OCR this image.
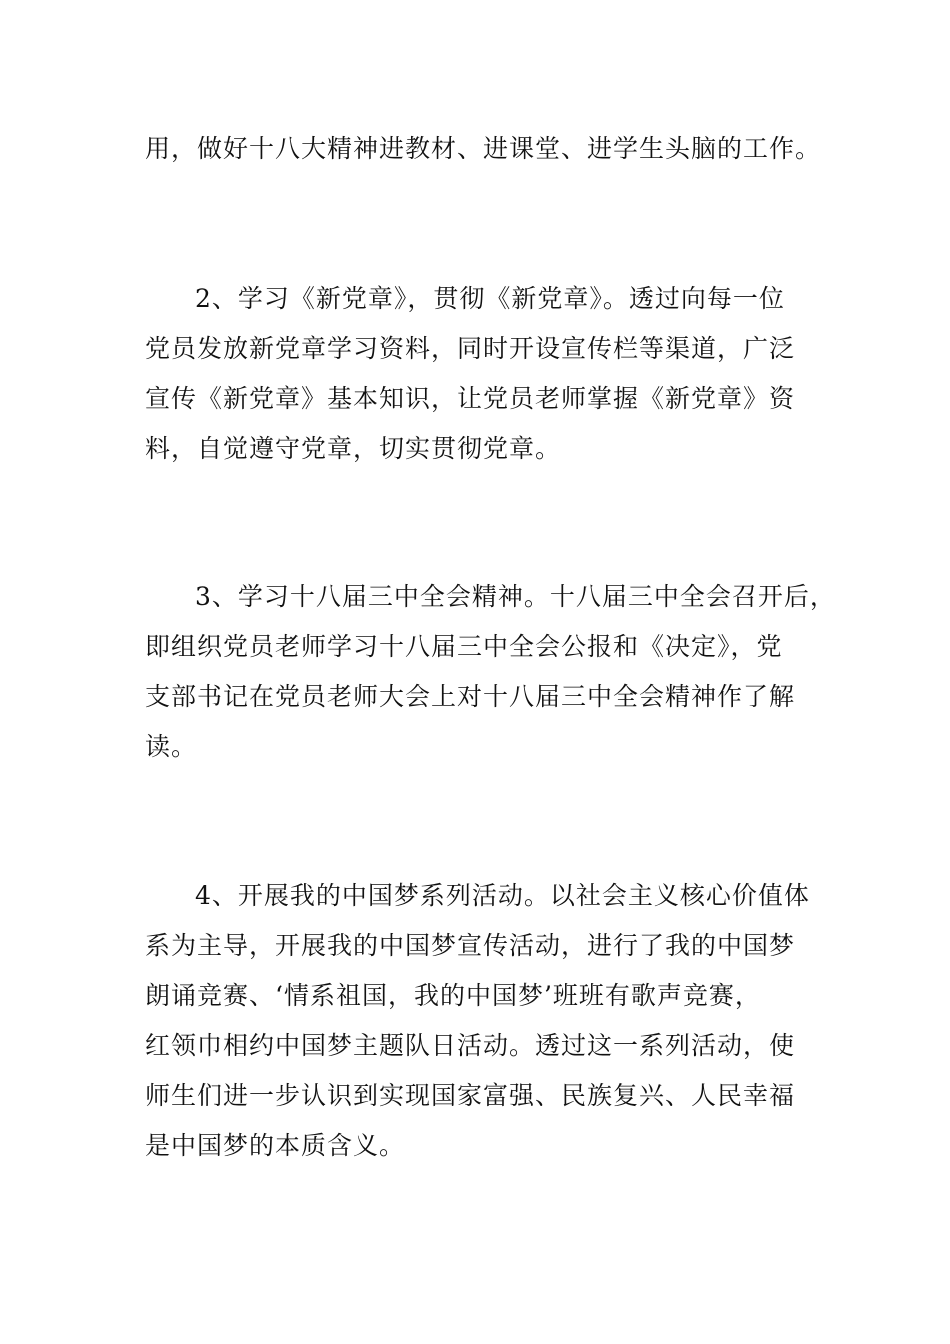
用，做好十八大精神进教材、进课堂、进学生头脑的工作。
2、学习《新党章》，贯彻《新党章》。透过向每一位
党员发放新党章学习资料，同时开设宣传栏等渠道，广泛
宣传《新党章》基本知识，让党员老师掌握《新党章》资
料，自觉遵守党章，切实贯彻党章。
3、学习十八届三中全会精神。十八届三中全会召开后，
即组织党员老师学习十八届三中全会公报和《决定》，党
支部书记在党员老师大会上对十八届三中全会精神作了解
读。
4、开展我的中国梦系列活动。以社会主义核心价值体
系为主导，开展我的中国梦宣传活动，进行了我的中国梦
朗诵竞赛、‘情系祖国，我的中国梦’班班有歌声竞赛，
红领巾相约中国梦主题队日活动。透过这一系列活动，使
师生们进一步认识到实现国家富强、民族复兴、人民幸福
是中国梦的本质含义。
